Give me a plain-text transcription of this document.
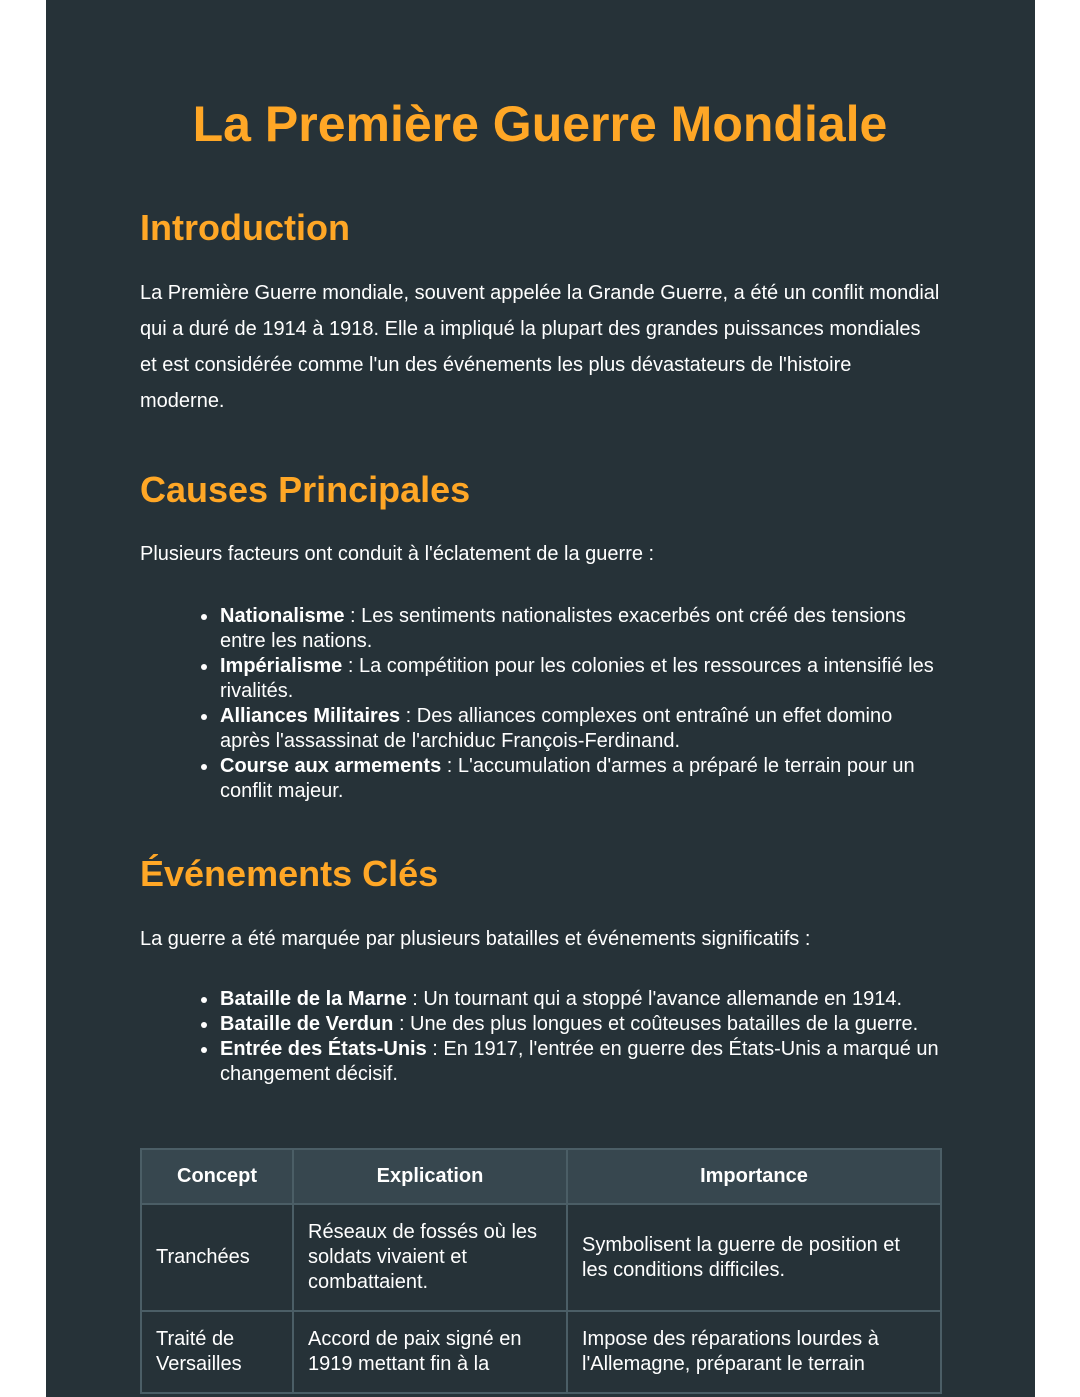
La Première Guerre Mondiale
Introduction

La Première Guerre mondiale, souvent appelée la Grande Guerre, a été un conflit mondial qui a duré de 1914 à 1918. Elle a impliqué la plupart des grandes puissances mondiales et est considérée comme l'un des événements les plus dévastateurs de l'histoire moderne.

Causes Principales

Plusieurs facteurs ont conduit à l'éclatement de la guerre :

Nationalisme : Les sentiments nationalistes exacerbés ont créé des tensions entre les nations.
Impérialisme : La compétition pour les colonies et les ressources a intensifié les rivalités.
Alliances Militaires : Des alliances complexes ont entraîné un effet domino après l'assassinat de l'archiduc François-Ferdinand.
Course aux armements : L'accumulation d'armes a préparé le terrain pour un conflit majeur.
Événements Clés

La guerre a été marquée par plusieurs batailles et événements significatifs :

Bataille de la Marne : Un tournant qui a stoppé l'avance allemande en 1914.
Bataille de Verdun : Une des plus longues et coûteuses batailles de la guerre.
Entrée des États-Unis : En 1917, l'entrée en guerre des États-Unis a marqué un changement décisif.
Concept	Explication	Importance
Tranchées	Réseaux de fossés où les soldats vivaient et combattaient.	Symbolisent la guerre de position et les conditions difficiles.
Traité de Versailles	Accord de paix signé en 1919 mettant fin à la	Impose des réparations lourdes à l'Allemagne, préparant le terrain
